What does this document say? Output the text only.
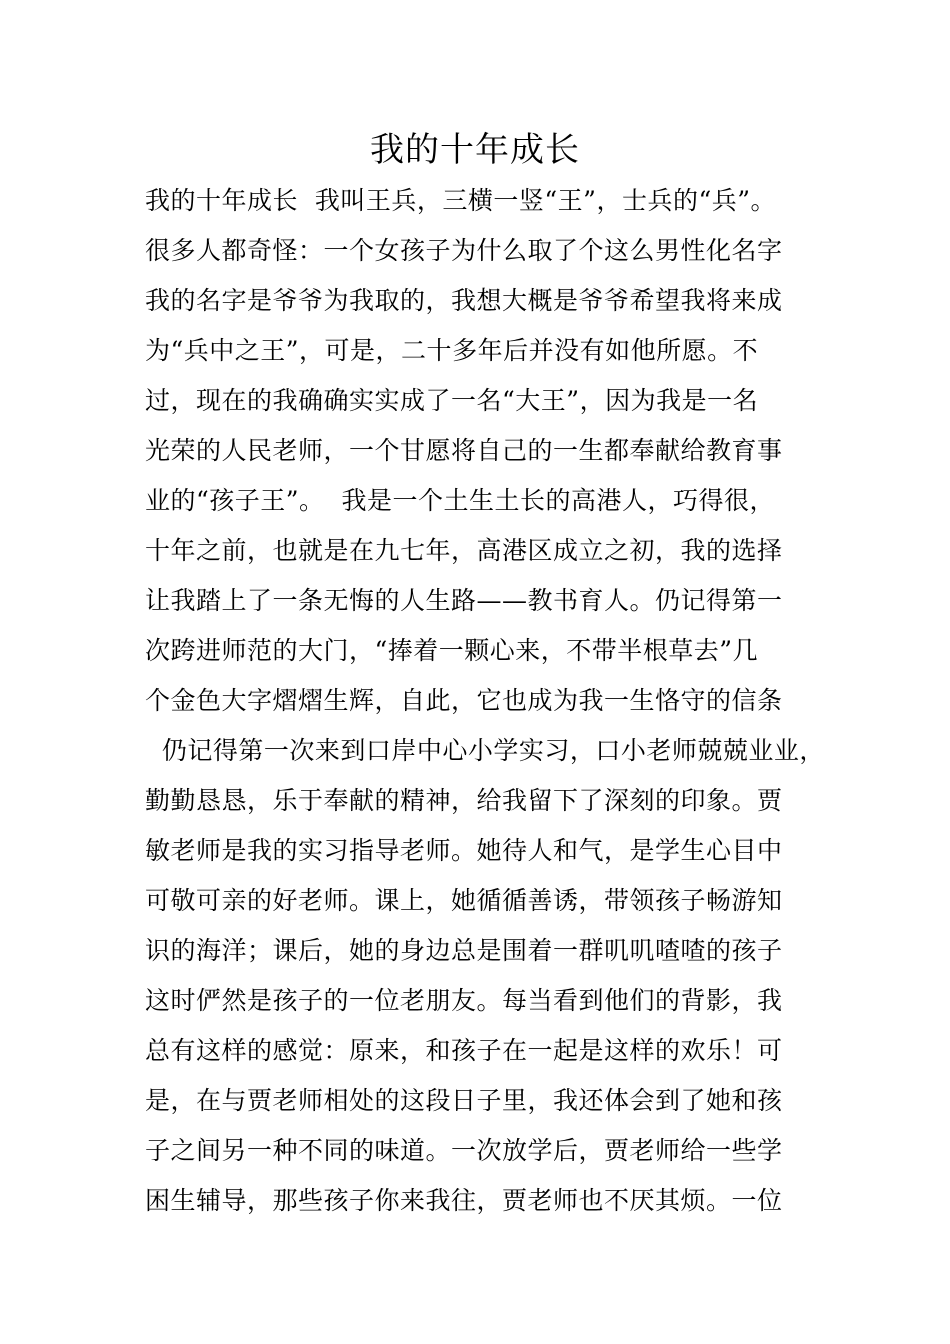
我的十年成长
我的十年成长  我叫王兵，三横一竖“王”，士兵的“兵”。
很多人都奇怪：一个女孩子为什么取了个这么男性化名字
我的名字是爷爷为我取的，我想大概是爷爷希望我将来成
为“兵中之王”，可是，二十多年后并没有如他所愿。不
过，现在的我确确实实成了一名“大王”，因为我是一名
光荣的人民老师，一个甘愿将自己的一生都奉献给教育事
业的“孩子王”。  我是一个土生土长的高港人，巧得很，
十年之前，也就是在九七年，高港区成立之初，我的选择
让我踏上了一条无悔的人生路——教书育人。仍记得第一
次跨进师范的大门，“捧着一颗心来，不带半根草去”几
个金色大字熠熠生辉，自此，它也成为我一生恪守的信条
仍记得第一次来到口岸中心小学实习，口小老师兢兢业业，
勤勤恳恳，乐于奉献的精神，给我留下了深刻的印象。贾
敏老师是我的实习指导老师。她待人和气，是学生心目中
可敬可亲的好老师。课上，她循循善诱，带领孩子畅游知
识的海洋；课后，她的身边总是围着一群叽叽喳喳的孩子
这时俨然是孩子的一位老朋友。每当看到他们的背影，我
总有这样的感觉：原来，和孩子在一起是这样的欢乐！可
是，在与贾老师相处的这段日子里，我还体会到了她和孩
子之间另一种不同的味道。一次放学后，贾老师给一些学
困生辅导，那些孩子你来我往，贾老师也不厌其烦。一位
